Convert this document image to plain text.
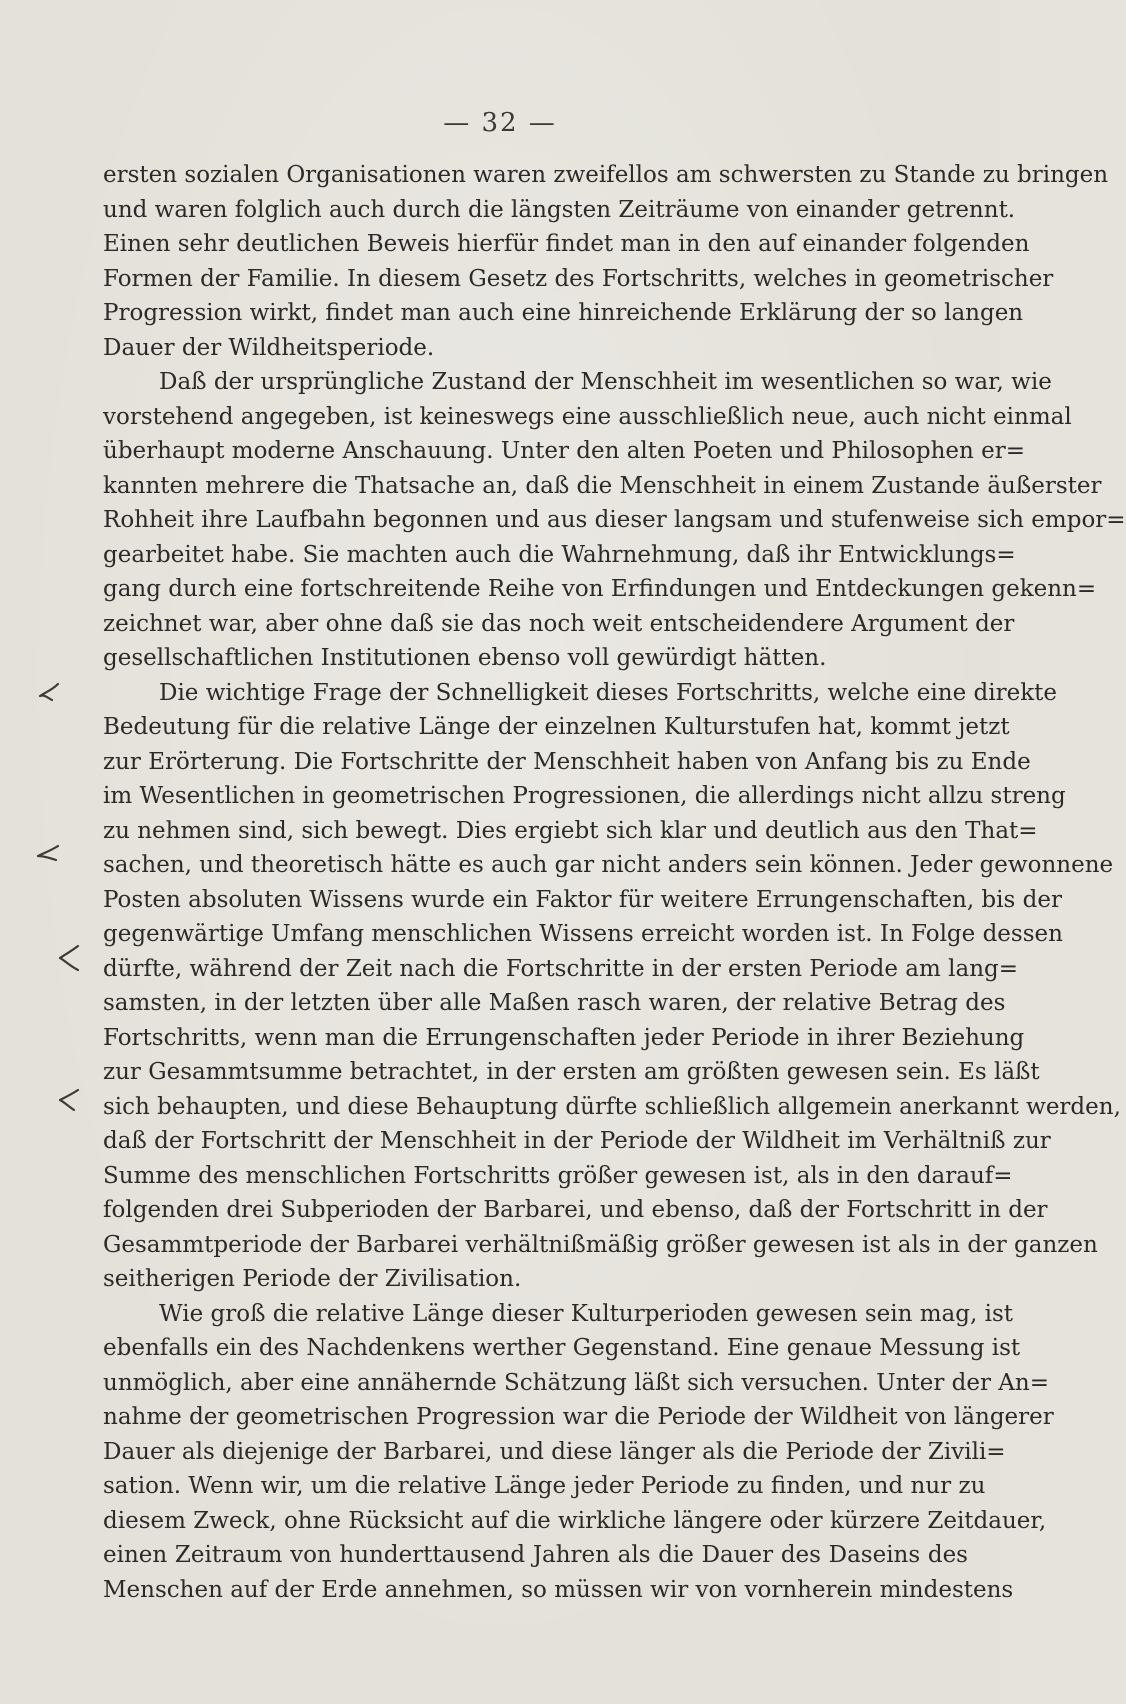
— 32 —
ersten sozialen Organisationen waren zweifellos am schwersten zu Stande zu bringen
und waren folglich auch durch die längsten Zeiträume von einander getrennt.
Einen sehr deutlichen Beweis hierfür findet man in den auf einander folgenden
Formen der Familie. In diesem Gesetz des Fortschritts, welches in geometrischer
Progression wirkt, findet man auch eine hinreichende Erklärung der so langen
Dauer der Wildheitsperiode.
Daß der ursprüngliche Zustand der Menschheit im wesentlichen so war, wie
vorstehend angegeben, ist keineswegs eine ausschließlich neue, auch nicht einmal
überhaupt moderne Anschauung. Unter den alten Poeten und Philosophen er=
kannten mehrere die Thatsache an, daß die Menschheit in einem Zustande äußerster
Rohheit ihre Laufbahn begonnen und aus dieser langsam und stufenweise sich empor=
gearbeitet habe. Sie machten auch die Wahrnehmung, daß ihr Entwicklungs=
gang durch eine fortschreitende Reihe von Erfindungen und Entdeckungen gekenn=
zeichnet war, aber ohne daß sie das noch weit entscheidendere Argument der
gesellschaftlichen Institutionen ebenso voll gewürdigt hätten.
Die wichtige Frage der Schnelligkeit dieses Fortschritts, welche eine direkte
Bedeutung für die relative Länge der einzelnen Kulturstufen hat, kommt jetzt
zur Erörterung. Die Fortschritte der Menschheit haben von Anfang bis zu Ende
im Wesentlichen in geometrischen Progressionen, die allerdings nicht allzu streng
zu nehmen sind, sich bewegt. Dies ergiebt sich klar und deutlich aus den That=
sachen, und theoretisch hätte es auch gar nicht anders sein können. Jeder gewonnene
Posten absoluten Wissens wurde ein Faktor für weitere Errungenschaften, bis der
gegenwärtige Umfang menschlichen Wissens erreicht worden ist. In Folge dessen
dürfte, während der Zeit nach die Fortschritte in der ersten Periode am lang=
samsten, in der letzten über alle Maßen rasch waren, der relative Betrag des
Fortschritts, wenn man die Errungenschaften jeder Periode in ihrer Beziehung
zur Gesammtsumme betrachtet, in der ersten am größten gewesen sein. Es läßt
sich behaupten, und diese Behauptung dürfte schließlich allgemein anerkannt werden,
daß der Fortschritt der Menschheit in der Periode der Wildheit im Verhältniß zur
Summe des menschlichen Fortschritts größer gewesen ist, als in den darauf=
folgenden drei Subperioden der Barbarei, und ebenso, daß der Fortschritt in der
Gesammtperiode der Barbarei verhältnißmäßig größer gewesen ist als in der ganzen
seitherigen Periode der Zivilisation.
Wie groß die relative Länge dieser Kulturperioden gewesen sein mag, ist
ebenfalls ein des Nachdenkens werther Gegenstand. Eine genaue Messung ist
unmöglich, aber eine annähernde Schätzung läßt sich versuchen. Unter der An=
nahme der geometrischen Progression war die Periode der Wildheit von längerer
Dauer als diejenige der Barbarei, und diese länger als die Periode der Zivili=
sation. Wenn wir, um die relative Länge jeder Periode zu finden, und nur zu
diesem Zweck, ohne Rücksicht auf die wirkliche längere oder kürzere Zeitdauer,
einen Zeitraum von hunderttausend Jahren als die Dauer des Daseins des
Menschen auf der Erde annehmen, so müssen wir von vornherein mindestens
